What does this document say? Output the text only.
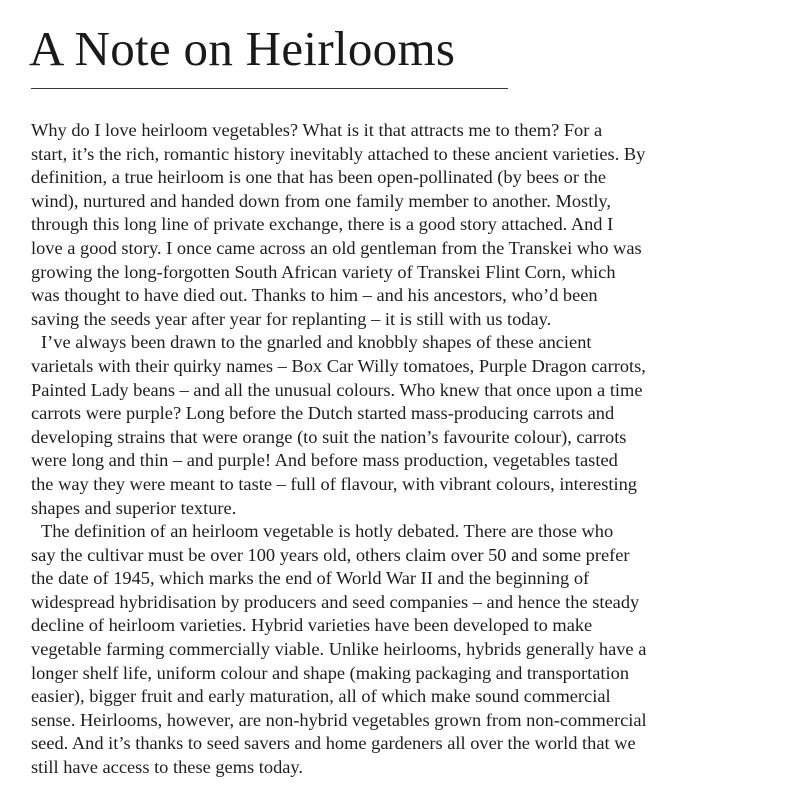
A Note on Heirlooms

Why do I love heirloom vegetables? What is it that attracts me to them? For a
start, it’s the rich, romantic history inevitably attached to these ancient varieties. By
definition, a true heirloom is one that has been open-pollinated (by bees or the
wind), nurtured and handed down from one family member to another. Mostly,
through this long line of private exchange, there is a good story attached. And I
love a good story. I once came across an old gentleman from the Transkei who was
growing the long-forgotten South African variety of Transkei Flint Corn, which
was thought to have died out. Thanks to him – and his ancestors, who’d been
saving the seeds year after year for replanting – it is still with us today.

I’ve always been drawn to the gnarled and knobbly shapes of these ancient
varietals with their quirky names – Box Car Willy tomatoes, Purple Dragon carrots,
Painted Lady beans – and all the unusual colours. Who knew that once upon a time
carrots were purple? Long before the Dutch started mass-producing carrots and
developing strains that were orange (to suit the nation’s favourite colour), carrots
were long and thin – and purple! And before mass production, vegetables tasted
the way they were meant to taste – full of flavour, with vibrant colours, interesting
shapes and superior texture.

The definition of an heirloom vegetable is hotly debated. There are those who
say the cultivar must be over 100 years old, others claim over 50 and some prefer
the date of 1945, which marks the end of World War II and the beginning of
widespread hybridisation by producers and seed companies – and hence the steady
decline of heirloom varieties. Hybrid varieties have been developed to make
vegetable farming commercially viable. Unlike heirlooms, hybrids generally have a
longer shelf life, uniform colour and shape (making packaging and transportation
easier), bigger fruit and early maturation, all of which make sound commercial
sense. Heirlooms, however, are non-hybrid vegetables grown from non-commercial
seed. And it’s thanks to seed savers and home gardeners all over the world that we
still have access to these gems today.
